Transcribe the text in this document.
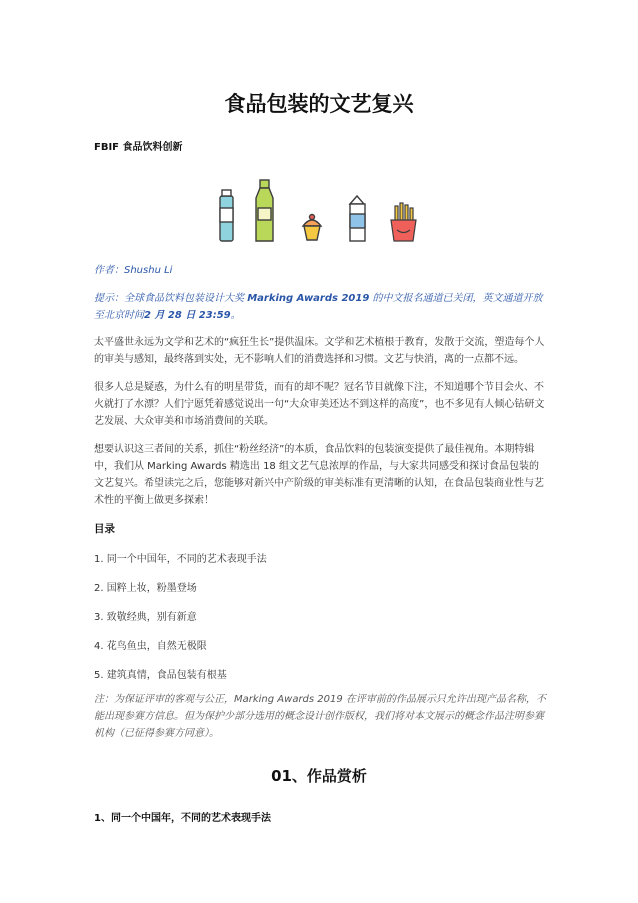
食品包装的文艺复兴
FBIF 食品饮料创新
作者：Shushu Li
提示：全球食品饮料包装设计大奖 Marking Awards 2019 的中文报名通道已关闭，英文通道开放至北京时间2 月 28 日 23:59。
太平盛世永远为文学和艺术的“疯狂生长”提供温床。文学和艺术植根于教育，发散于交流，塑造每个人的审美与感知，最终落到实处，无不影响人们的消费选择和习惯。文艺与快消，离的一点都不远。
很多人总是疑惑，为什么有的明星带货，而有的却不呢？冠名节目就像下注，不知道哪个节目会火、不火就打了水漂？人们宁愿凭着感觉说出一句“大众审美还达不到这样的高度”，也不多见有人倾心钻研文艺发展、大众审美和市场消费间的关联。
想要认识这三者间的关系，抓住“粉丝经济”的本质，食品饮料的包装演变提供了最佳视角。本期特辑中，我们从 Marking Awards 精选出 18 组文艺气息浓厚的作品，与大家共同感受和探讨食品包装的文艺复兴。希望读完之后，您能够对新兴中产阶级的审美标准有更清晰的认知，在食品包装商业性与艺术性的平衡上做更多探索！
目录
1. 同一个中国年，不同的艺术表现手法
2. 国粹上妆，粉墨登场
3. 致敬经典，别有新意
4. 花鸟鱼虫，自然无极限
5. 建筑真情，食品包装有根基
注：为保证评审的客观与公正，Marking Awards 2019 在评审前的作品展示只允许出现产品名称，不能出现参赛方信息。但为保护少部分选用的概念设计创作版权，我们将对本文展示的概念作品注明参赛机构（已征得参赛方同意）。
01、作品赏析
1、同一个中国年，不同的艺术表现手法
